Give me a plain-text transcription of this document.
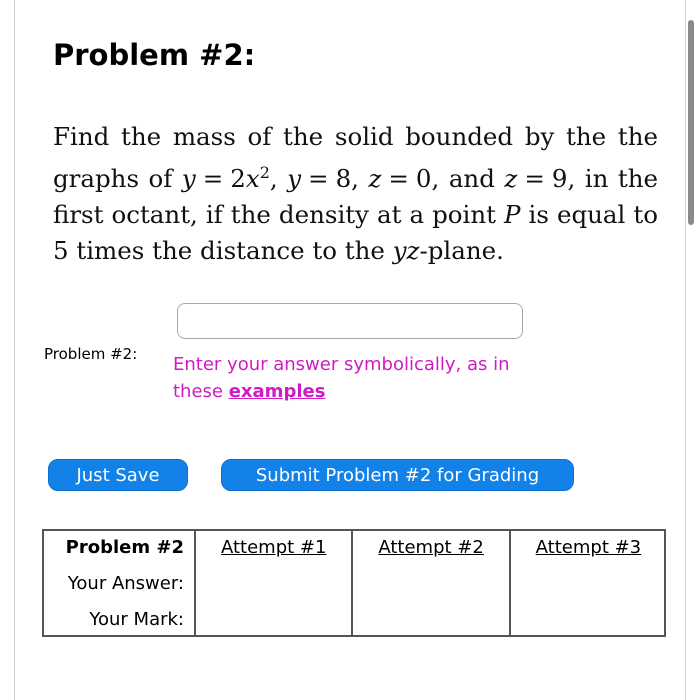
Problem #2:
Find the mass of the solid bounded by the the graphs of $y = 2x^2$, y = 8, z = 0, and z = 9, in the first octant, if the density at a point P is equal to 5 times the distance to the yz-plane.
Problem #2: Enter your answer symbolically, as in these examples
Just Save	Submit Problem #2 for Grading
Problem #2	Attempt #1	Attempt #2	Attempt #3
Your Answer:			
Your Mark:			
